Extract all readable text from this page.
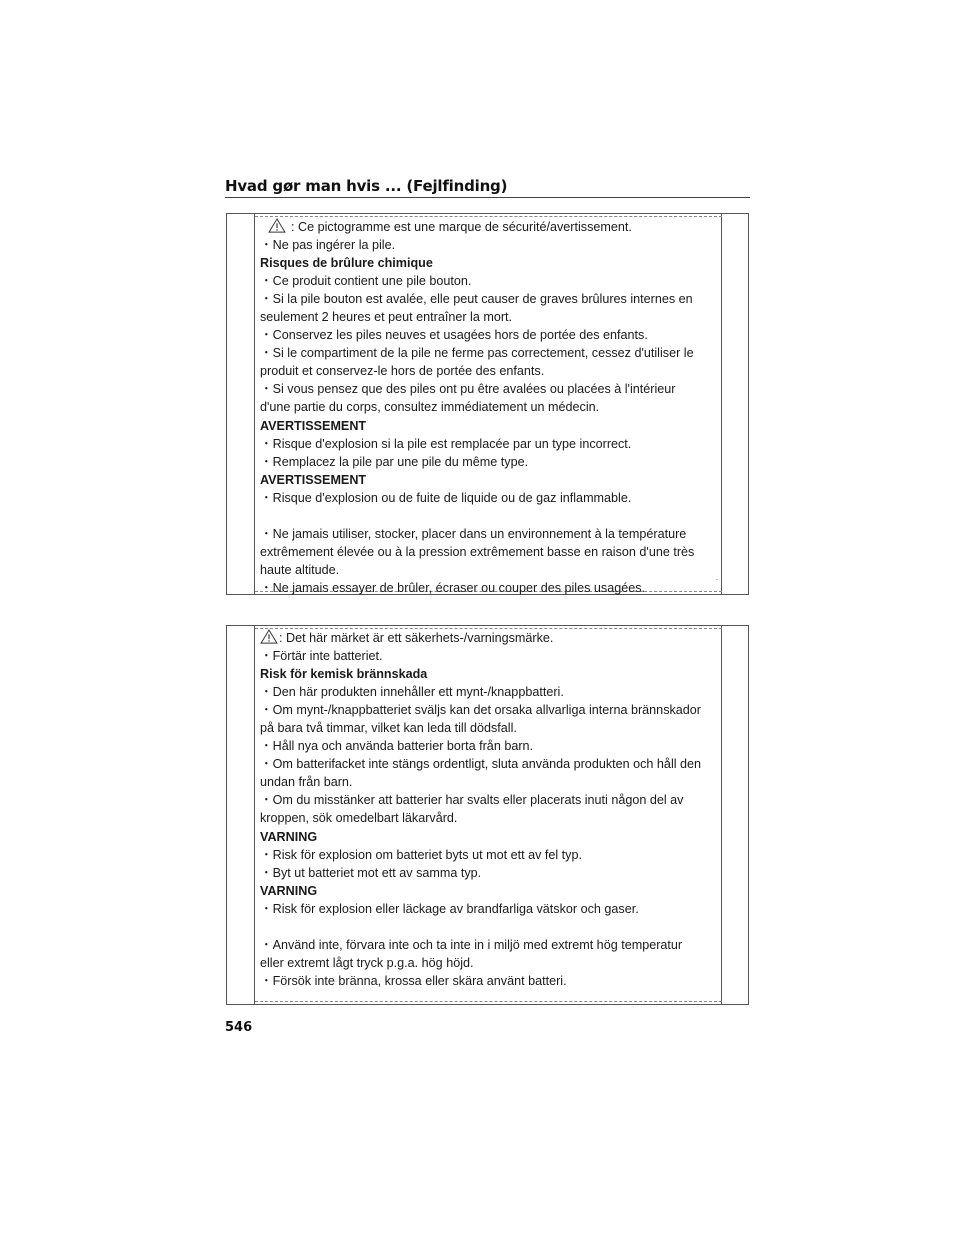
Hvad gør man hvis ... (Fejlfinding)
: Ce pictogramme est une marque de sécurité/avertissement.
・Ne pas ingérer la pile.
Risques de brûlure chimique
・Ce produit contient une pile bouton.
・Si la pile bouton est avalée, elle peut causer de graves brûlures internes en
seulement 2 heures et peut entraîner la mort.
・Conservez les piles neuves et usagées hors de portée des enfants.
・Si le compartiment de la pile ne ferme pas correctement, cessez d'utiliser le
produit et conservez-le hors de portée des enfants.
・Si vous pensez que des piles ont pu être avalées ou placées à l'intérieur
d'une partie du corps, consultez immédiatement un médecin.
AVERTISSEMENT
・Risque d'explosion si la pile est remplacée par un type incorrect.
・Remplacez la pile par une pile du même type.
AVERTISSEMENT
・Risque d'explosion ou de fuite de liquide ou de gaz inflammable.
・Ne jamais utiliser, stocker, placer dans un environnement à la température
extrêmement élevée ou à la pression extrêmement basse en raison d'une très
haute altitude.
・Ne jamais essayer de brûler, écraser ou couper des piles usagées.
.
: Det här märket är ett säkerhets-/varningsmärke.
・Förtär inte batteriet.
Risk för kemisk brännskada
・Den här produkten innehåller ett mynt-/knappbatteri.
・Om mynt-/knappbatteriet sväljs kan det orsaka allvarliga interna brännskador
på bara två timmar, vilket kan leda till dödsfall.
・Håll nya och använda batterier borta från barn.
・Om batterifacket inte stängs ordentligt, sluta använda produkten och håll den
undan från barn.
・Om du misstänker att batterier har svalts eller placerats inuti någon del av
kroppen, sök omedelbart läkarvård.
VARNING
・Risk för explosion om batteriet byts ut mot ett av fel typ.
・Byt ut batteriet mot ett av samma typ.
VARNING
・Risk för explosion eller läckage av brandfarliga vätskor och gaser.
・Använd inte, förvara inte och ta inte in i miljö med extremt hög temperatur
eller extremt lågt tryck p.g.a. hög höjd.
・Försök inte bränna, krossa eller skära använt batteri.
546
